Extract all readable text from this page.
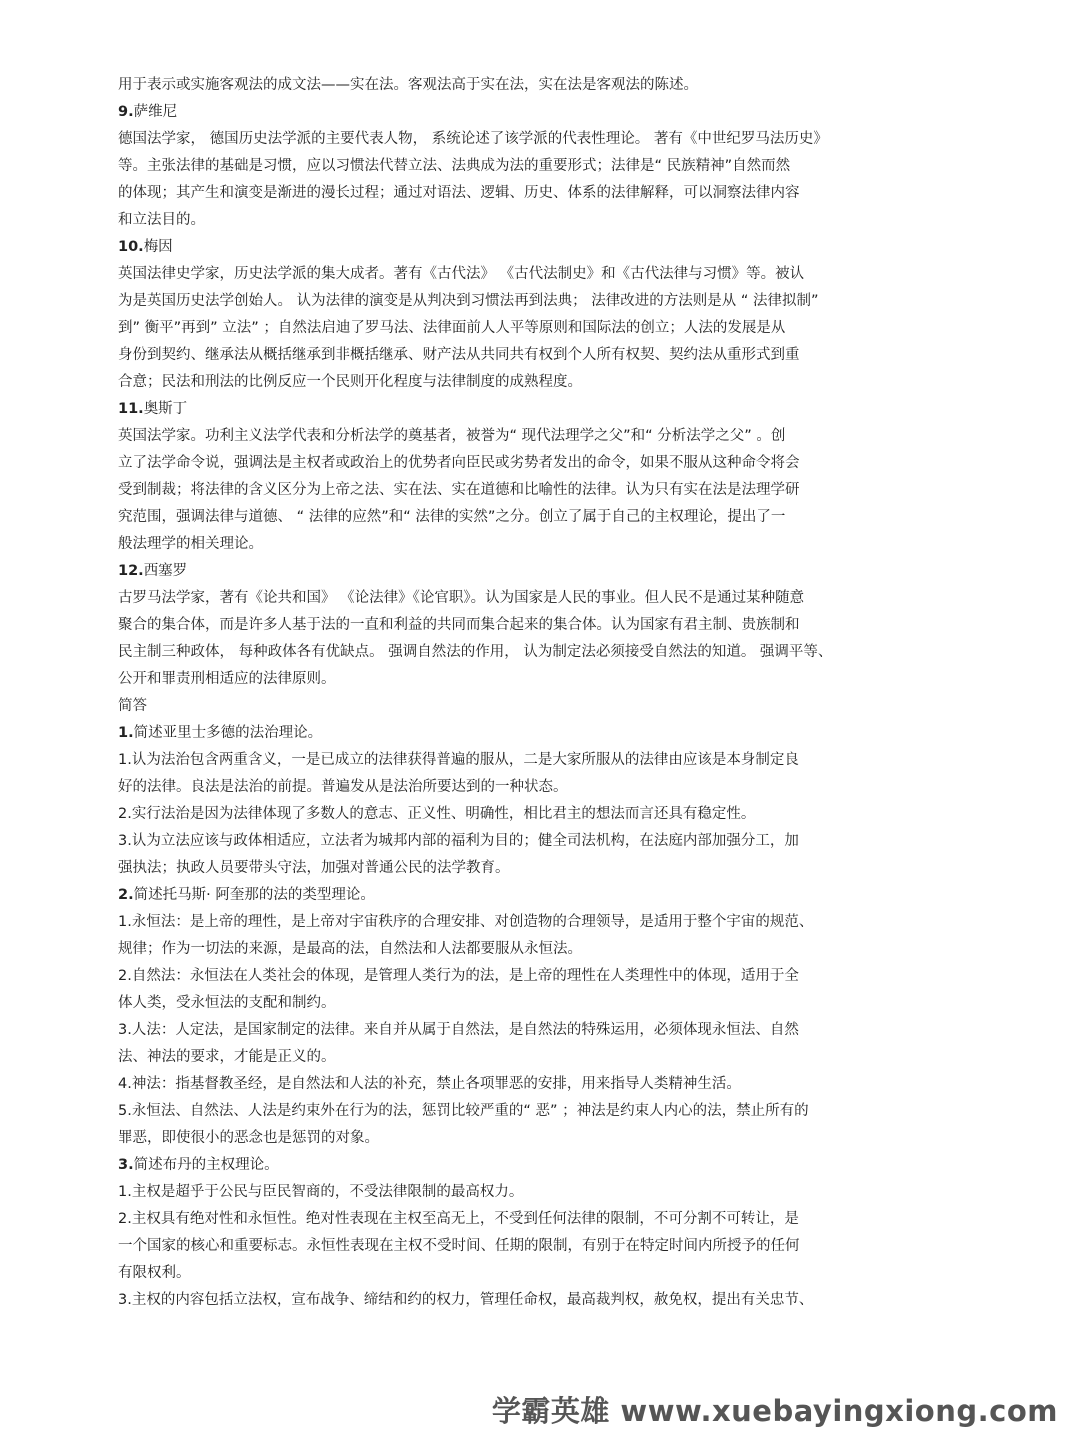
用于表示或实施客观法的成文法——实在法。客观法高于实在法，实在法是客观法的陈述。
9.萨维尼
德国法学家， 德国历史法学派的主要代表人物， 系统论述了该学派的代表性理论。 著有《中世纪罗马法历史》
等。主张法律的基础是习惯，应以习惯法代替立法、法典成为法的重要形式；法律是“ 民族精神”自然而然
的体现；其产生和演变是渐进的漫长过程；通过对语法、逻辑、历史、体系的法律解释，可以洞察法律内容
和立法目的。
10.梅因
英国法律史学家，历史法学派的集大成者。著有《古代法》 《古代法制史》和《古代法律与习惯》等。被认
为是英国历史法学创始人。 认为法律的演变是从判决到习惯法再到法典； 法律改进的方法则是从 “ 法律拟制”
到” 衡平”再到” 立法” ；自然法启迪了罗马法、法律面前人人平等原则和国际法的创立；人法的发展是从
身份到契约、继承法从概括继承到非概括继承、财产法从共同共有权到个人所有权契、契约法从重形式到重
合意；民法和刑法的比例反应一个民则开化程度与法律制度的成熟程度。
11.奥斯丁
英国法学家。功利主义法学代表和分析法学的奠基者，被誉为“ 现代法理学之父”和“ 分析法学之父” 。创
立了法学命令说，强调法是主权者或政治上的优势者向臣民或劣势者发出的命令，如果不服从这种命令将会
受到制裁；将法律的含义区分为上帝之法、实在法、实在道德和比喻性的法律。认为只有实在法是法理学研
究范围，强调法律与道德、 “ 法律的应然”和“ 法律的实然”之分。创立了属于自己的主权理论，提出了一
般法理学的相关理论。
12.西塞罗
古罗马法学家，著有《论共和国》 《论法律》《论官职》。认为国家是人民的事业。但人民不是通过某种随意
聚合的集合体，而是许多人基于法的一直和利益的共同而集合起来的集合体。认为国家有君主制、贵族制和
民主制三种政体， 每种政体各有优缺点。 强调自然法的作用， 认为制定法必须接受自然法的知道。 强调平等、
公开和罪责刑相适应的法律原则。
简答
1.简述亚里士多德的法治理论。
1.认为法治包含两重含义，一是已成立的法律获得普遍的服从，二是大家所服从的法律由应该是本身制定良
好的法律。良法是法治的前提。普遍发从是法治所要达到的一种状态。
2.实行法治是因为法律体现了多数人的意志、正义性、明确性，相比君主的想法而言还具有稳定性。
3.认为立法应该与政体相适应，立法者为城邦内部的福利为目的；健全司法机构，在法庭内部加强分工，加
强执法；执政人员要带头守法，加强对普通公民的法学教育。
2.简述托马斯· 阿奎那的法的类型理论。
1.永恒法：是上帝的理性，是上帝对宇宙秩序的合理安排、对创造物的合理领导，是适用于整个宇宙的规范、
规律；作为一切法的来源，是最高的法，自然法和人法都要服从永恒法。
2.自然法：永恒法在人类社会的体现，是管理人类行为的法，是上帝的理性在人类理性中的体现，适用于全
体人类，受永恒法的支配和制约。
3.人法：人定法，是国家制定的法律。来自并从属于自然法，是自然法的特殊运用，必须体现永恒法、自然
法、神法的要求，才能是正义的。
4.神法：指基督教圣经，是自然法和人法的补充，禁止各项罪恶的安排，用来指导人类精神生活。
5.永恒法、自然法、人法是约束外在行为的法，惩罚比较严重的“ 恶” ；神法是约束人内心的法，禁止所有的
罪恶，即使很小的恶念也是惩罚的对象。
3.简述布丹的主权理论。
1.主权是超乎于公民与臣民智商的，不受法律限制的最高权力。
2.主权具有绝对性和永恒性。绝对性表现在主权至高无上，不受到任何法律的限制，不可分割不可转让，是
一个国家的核心和重要标志。永恒性表现在主权不受时间、任期的限制，有别于在特定时间内所授予的任何
有限权利。
3.主权的内容包括立法权，宣布战争、缔结和约的权力，管理任命权，最高裁判权，赦免权，提出有关忠节、
学霸英雄 www.xuebayingxiong.com
